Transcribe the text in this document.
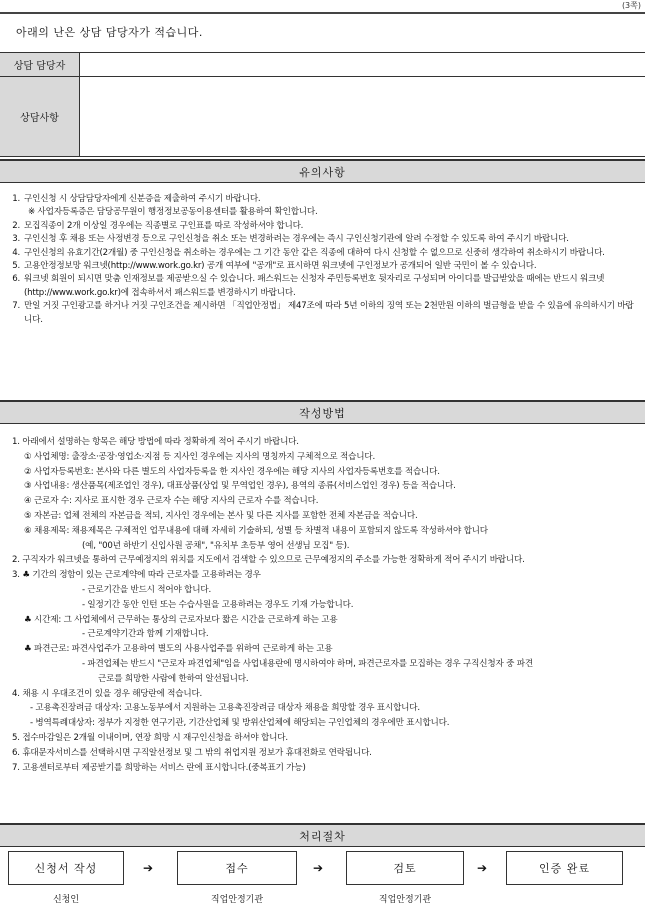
(3쪽)
아래의 난은 상담 담당자가 적습니다.
상담 담당자
상담사항
유의사항
1. 구인신청 시 상담담당자에게 신분증을 제출하여 주시기 바랍니다.
※ 사업자등록증은 담당공무원이 행정정보공동이용센터를 활용하여 확인합니다.
2. 모집직종이 2개 이상일 경우에는 직종별로 구인표를 따로 작성하셔야 합니다.
3. 구인신청 후 채용 또는 사정변경 등으로 구인신청을 취소 또는 변경하려는 경우에는 즉시 구인신청기관에 알려 수정할 수 있도록 하여 주시기 바랍니다.
4. 구인신청의 유효기간(2개월) 중 구인신청을 취소하는 경우에는 그 기간 동안 같은 직종에 대하여 다시 신청할 수 없으므로 신중히 생각하여 취소하시기 바랍니다.
5. 고용안정정보망 워크넷(http://www.work.go.kr) 공개 여부에 "공개"로 표시하면 워크넷에 구인정보가 공개되어 일반 국민이 볼 수 있습니다.
6. 워크넷 회원이 되시면 맞춤 인재정보를 제공받으실 수 있습니다. 패스워드는 신청자 주민등록번호 뒷자리로 구성되며 아이디를 발급받았을 때에는 반드시 워크넷(http://www.work.go.kr)에 접속하셔서 패스워드를 변경하시기 바랍니다.
7. 만일 거짓 구인광고를 하거나 거짓 구인조건을 제시하면 「직업안정법」 제47조에 따라 5년 이하의 징역 또는 2천만원 이하의 벌금형을 받을 수 있음에 유의하시기 바랍니다.
작성방법
1. 아래에서 설명하는 항목은 해당 방법에 따라 정확하게 적어 주시기 바랍니다.
① 사업체명: 출장소·공장·영업소·지점 등 지사인 경우에는 지사의 명칭까지 구체적으로 적습니다.
② 사업자등록번호: 본사와 다른 별도의 사업자등록을 한 지사인 경우에는 해당 지사의 사업자등록번호를 적습니다.
③ 사업내용: 생산품목(제조업인 경우), 대표상품(상업 및 무역업인 경우), 용역의 종류(서비스업인 경우) 등을 적습니다.
④ 근로자 수: 지사로 표시한 경우 근로자 수는 해당 지사의 근로자 수를 적습니다.
⑤ 자본금: 업체 전체의 자본금을 적되, 지사인 경우에는 본사 및 다른 지사를 포함한 전체 자본금을 적습니다.
⑥ 채용제목: 채용제목은 구체적인 업무내용에 대해 자세히 기술하되, 성별 등 차별적 내용이 포함되지 않도록 작성하셔야 합니다
(예, "00년 하반기 신입사원 공채", "유치부 초등부 영어 선생님 모집" 등).
2. 구직자가 워크넷을 통하여 근무예정지의 위치를 지도에서 검색할 수 있으므로 근무예정지의 주소를 가능한 정확하게 적어 주시기 바랍니다.
3. ♣ 기간의 정함이 있는 근로계약에 따라 근로자를 고용하려는 경우
- 근로기간을 반드시 적어야 합니다.
- 일정기간 동안 인턴 또는 수습사원을 고용하려는 경우도 기재 가능합니다.
♣ 시간제: 그 사업체에서 근무하는 통상의 근로자보다 짧은 시간을 근로하게 하는 고용
- 근로계약기간과 함께 기재합니다.
♣ 파견근로: 파견사업주가 고용하여 별도의 사용사업주를 위하여 근로하게 하는 고용
- 파견업체는 반드시 "근로자 파견업체"임을 사업내용란에 명시하여야 하며, 파견근로자를 모집하는 경우 구직신청자 중 파견
근로를 희망한 사람에 한하여 알선됩니다.
4. 채용 시 우대조건이 있을 경우 해당란에 적습니다.
- 고용촉진장려금 대상자: 고용노동부에서 지원하는 고용촉진장려금 대상자 채용을 희망할 경우 표시합니다.
- 병역특례대상자: 정부가 지정한 연구기관, 기간산업체 및 방위산업체에 해당되는 구인업체의 경우에만 표시합니다.
5. 접수마감일은 2개월 이내이며, 연장 희망 시 재구인신청을 하셔야 합니다.
6. 휴대문자서비스를 선택하시면 구직알선정보 및 그 밖의 취업지원 정보가 휴대전화로 연락됩니다.
7. 고용센터로부터 제공받기를 희망하는 서비스 란에 표시합니다.(중복표기 가능)
처리절차
신청서 작성	➔	접수	➔	검토	➔	인증 완료
신청인	직업안정기관	직업안정기관
